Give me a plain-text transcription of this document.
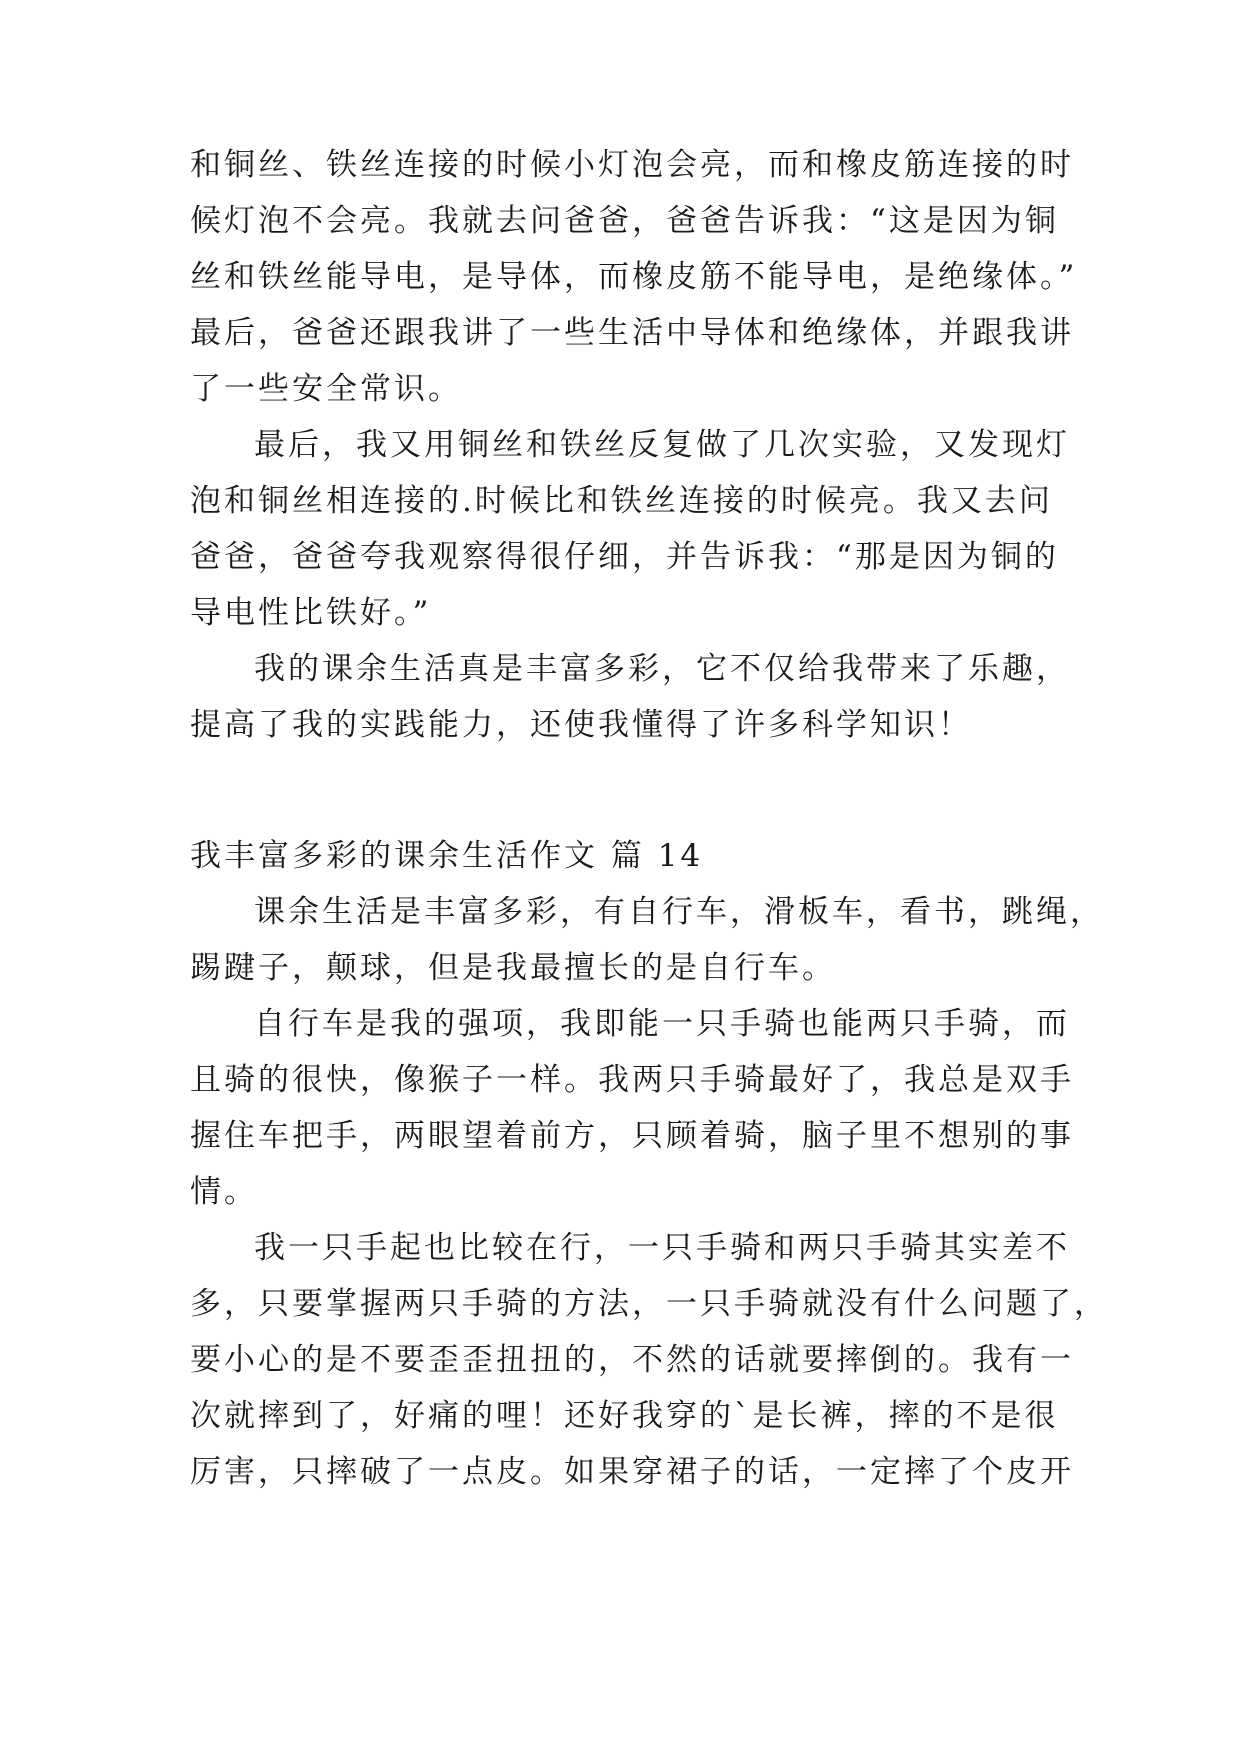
和铜丝、铁丝连接的时候小灯泡会亮，而和橡皮筋连接的时
候灯泡不会亮。我就去问爸爸，爸爸告诉我：“这是因为铜
丝和铁丝能导电，是导体，而橡皮筋不能导电，是绝缘体。”
最后，爸爸还跟我讲了一些生活中导体和绝缘体，并跟我讲
了一些安全常识。
最后，我又用铜丝和铁丝反复做了几次实验，又发现灯
泡和铜丝相连接的.时候比和铁丝连接的时候亮。我又去问
爸爸，爸爸夸我观察得很仔细，并告诉我：“那是因为铜的
导电性比铁好。”
我的课余生活真是丰富多彩，它不仅给我带来了乐趣，
提高了我的实践能力，还使我懂得了许多科学知识！
我丰富多彩的课余生活作文 篇 14
课余生活是丰富多彩，有自行车，滑板车，看书，跳绳，
踢踺子，颠球，但是我最擅长的是自行车。
自行车是我的强项，我即能一只手骑也能两只手骑，而
且骑的很快，像猴子一样。我两只手骑最好了，我总是双手
握住车把手，两眼望着前方，只顾着骑，脑子里不想别的事
情。
我一只手起也比较在行，一只手骑和两只手骑其实差不
多，只要掌握两只手骑的方法，一只手骑就没有什么问题了，
要小心的是不要歪歪扭扭的，不然的话就要摔倒的。我有一
次就摔到了，好痛的哩！还好我穿的`是长裤，摔的不是很
厉害，只摔破了一点皮。如果穿裙子的话，一定摔了个皮开
